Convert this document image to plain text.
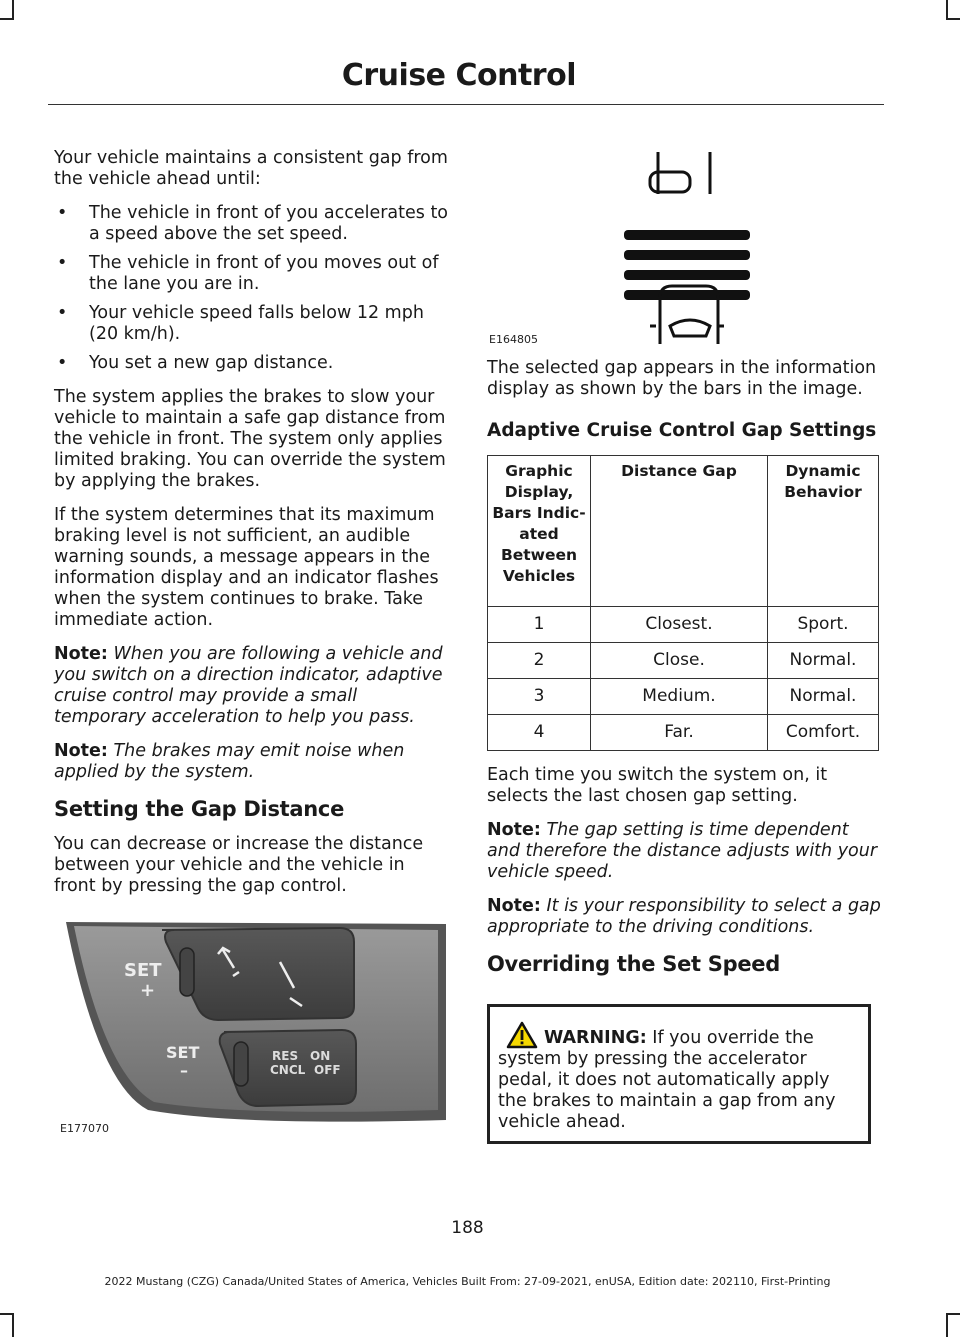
Cruise Control

Your vehicle maintains a consistent gap from the vehicle ahead until:

• The vehicle in front of you accelerates to a speed above the set speed.
• The vehicle in front of you moves out of the lane you are in.
• Your vehicle speed falls below 12 mph (20 km/h).
• You set a new gap distance.

The system applies the brakes to slow your vehicle to maintain a safe gap distance from the vehicle in front. The system only applies limited braking. You can override the system by applying the brakes.

If the system determines that its maximum braking level is not sufficient, an audible warning sounds, a message appears in the information display and an indicator flashes when the system continues to brake. Take immediate action.

Note: When you are following a vehicle and you switch on a direction indicator, adaptive cruise control may provide a small temporary acceleration to help you pass.

Note: The brakes may emit noise when applied by the system.

Setting the Gap Distance

You can decrease or increase the distance between your vehicle and the vehicle in front by pressing the gap control.

SET
+
SET
–
RES ON
CNCL OFF
E177070
E164805

The selected gap appears in the information display as shown by the bars in the image.

Adaptive Cruise Control Gap Settings
Graphic Display, Bars Indic-ated Between Vehicles	Distance Gap	Dynamic Behavior
1	Closest.	Sport.
2	Close.	Normal.
3	Medium.	Normal.
4	Far.	Comfort.

Each time you switch the system on, it selects the last chosen gap setting.

Note: The gap setting is time dependent and therefore the distance adjusts with your vehicle speed.

Note: It is your responsibility to select a gap appropriate to the driving conditions.

Overriding the Set Speed
WARNING: If you override the system by pressing the accelerator pedal, it does not automatically apply the brakes to maintain a gap from any vehicle ahead.
188
2022 Mustang (CZG) Canada/United States of America, Vehicles Built From: 27-09-2021, enUSA, Edition date: 202110, First-Printing
